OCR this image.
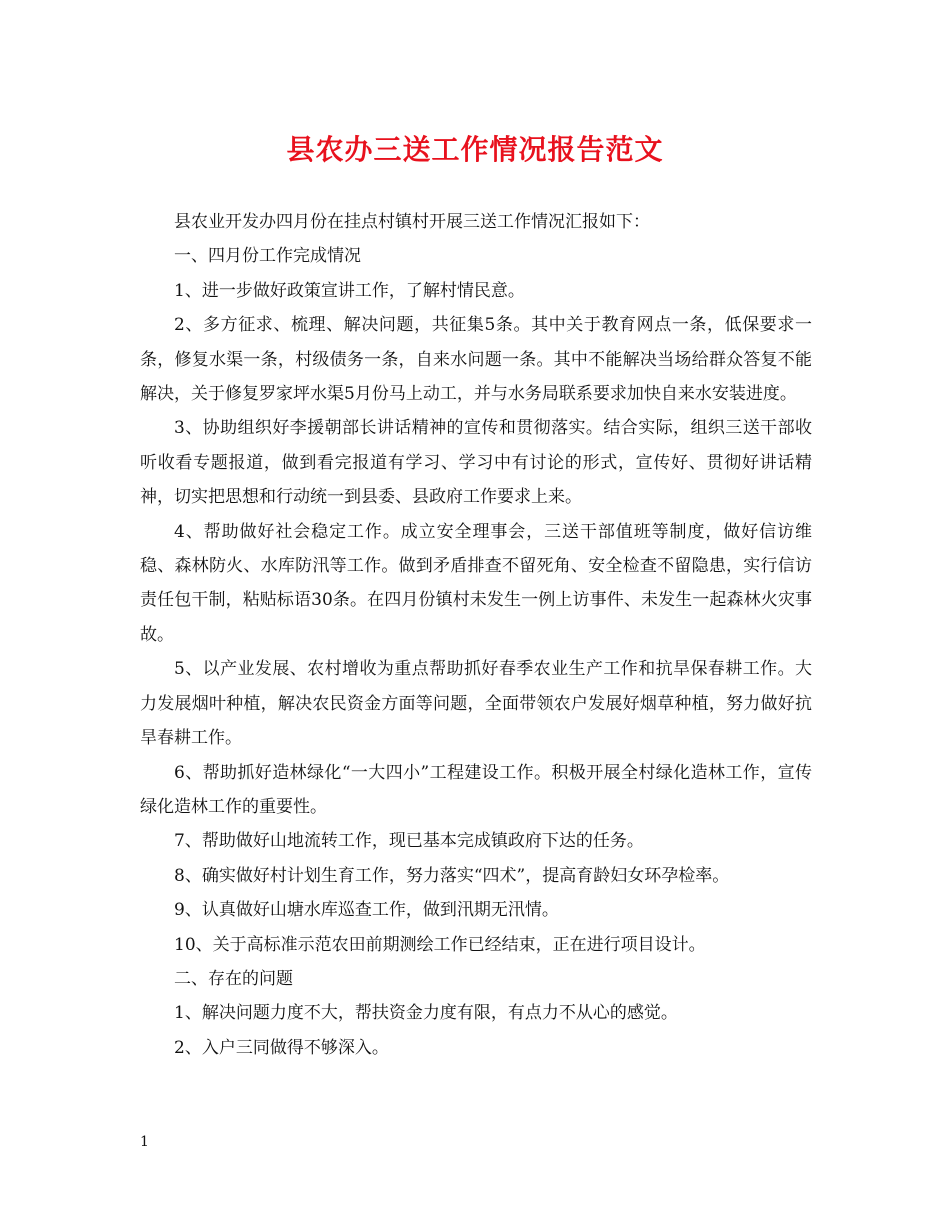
县农办三送工作情况报告范文

县农业开发办四月份在挂点村镇村开展三送工作情况汇报如下：

一、四月份工作完成情况

1、进一步做好政策宣讲工作，了解村情民意。

2、多方征求、梳理、解决问题，共征集5条。其中关于教育网点一条，低保要求一条，修复水渠一条，村级债务一条，自来水问题一条。其中不能解决当场给群众答复不能解决，关于修复罗家坪水渠5月份马上动工，并与水务局联系要求加快自来水安装进度。

3、协助组织好李援朝部长讲话精神的宣传和贯彻落实。结合实际，组织三送干部收听收看专题报道，做到看完报道有学习、学习中有讨论的形式，宣传好、贯彻好讲话精神，切实把思想和行动统一到县委、县政府工作要求上来。

4、帮助做好社会稳定工作。成立安全理事会，三送干部值班等制度，做好信访维稳、森林防火、水库防汛等工作。做到矛盾排查不留死角、安全检查不留隐患，实行信访责任包干制，粘贴标语30条。在四月份镇村未发生一例上访事件、未发生一起森林火灾事故。

5、以产业发展、农村增收为重点帮助抓好春季农业生产工作和抗旱保春耕工作。大力发展烟叶种植，解决农民资金方面等问题，全面带领农户发展好烟草种植，努力做好抗旱春耕工作。

6、帮助抓好造林绿化“一大四小”工程建设工作。积极开展全村绿化造林工作，宣传绿化造林工作的重要性。

7、帮助做好山地流转工作，现已基本完成镇政府下达的任务。

8、确实做好村计划生育工作，努力落实“四术”，提高育龄妇女环孕检率。

9、认真做好山塘水库巡查工作，做到汛期无汛情。

10、关于高标准示范农田前期测绘工作已经结束，正在进行项目设计。

二、存在的问题

1、解决问题力度不大，帮扶资金力度有限，有点力不从心的感觉。

2、入户三同做得不够深入。

1
